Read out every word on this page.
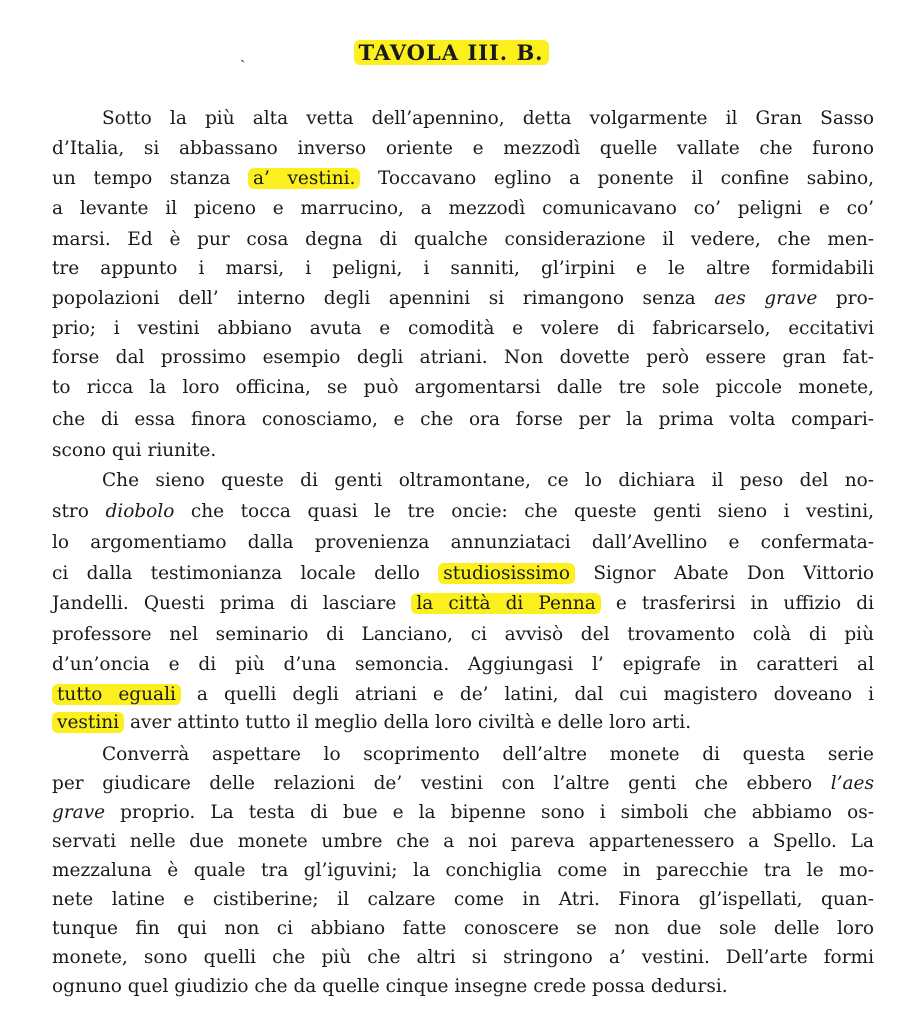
ˎ	TAVOLA III. B.
Sotto la più alta vetta dell’apennino, detta volgarmente il Gran Sasso
d’Italia, si abbassano inverso oriente e mezzodì quelle vallate che furono
un tempo stanza a’ vestini. Toccavano eglino a ponente il confine sabino,
a levante il piceno e marrucino, a mezzodì comunicavano co’ peligni e co’
marsi. Ed è pur cosa degna di qualche considerazione il vedere, che men-
tre appunto i marsi, i peligni, i sanniti, gl’irpini e le altre formidabili
popolazioni dell’ interno degli apennini si rimangono senza aes grave pro-
prio; i vestini abbiano avuta e comodità e volere di fabricarselo, eccitativi
forse dal prossimo esempio degli atriani. Non dovette però essere gran fat-
to ricca la loro officina, se può argomentarsi dalle tre sole piccole monete,
che di essa finora conosciamo, e che ora forse per la prima volta compari-
scono qui riunite.
Che sieno queste di genti oltramontane, ce lo dichiara il peso del no-
stro diobolo che tocca quasi le tre oncie: che queste genti sieno i vestini,
lo argomentiamo dalla provenienza annunziataci dall’Avellino e confermata-
ci dalla testimonianza locale dello studiosissimo Signor Abate Don Vittorio
Jandelli. Questi prima di lasciare la città di Penna e trasferirsi in uffizio di
professore nel seminario di Lanciano, ci avvisò del trovamento colà di più
d’un’oncia e di più d’una semoncia. Aggiungasi l’ epigrafe in caratteri al
tutto eguali a quelli degli atriani e de’ latini, dal cui magistero doveano i
vestini aver attinto tutto il meglio della loro civiltà e delle loro arti.
Converrà aspettare lo scoprimento dell’altre monete di questa serie
per giudicare delle relazioni de’ vestini con l’altre genti che ebbero l’aes
grave proprio. La testa di bue e la bipenne sono i simboli che abbiamo os-
servati nelle due monete umbre che a noi pareva appartenessero a Spello. La
mezzaluna è quale tra gl’iguvini; la conchiglia come in parecchie tra le mo-
nete latine e cistiberine; il calzare come in Atri. Finora gl’ispellati, quan-
tunque fin qui non ci abbiano fatte conoscere se non due sole delle loro
monete, sono quelli che più che altri si stringono a’ vestini. Dell’arte formi
ognuno quel giudizio che da quelle cinque insegne crede possa dedursi.
